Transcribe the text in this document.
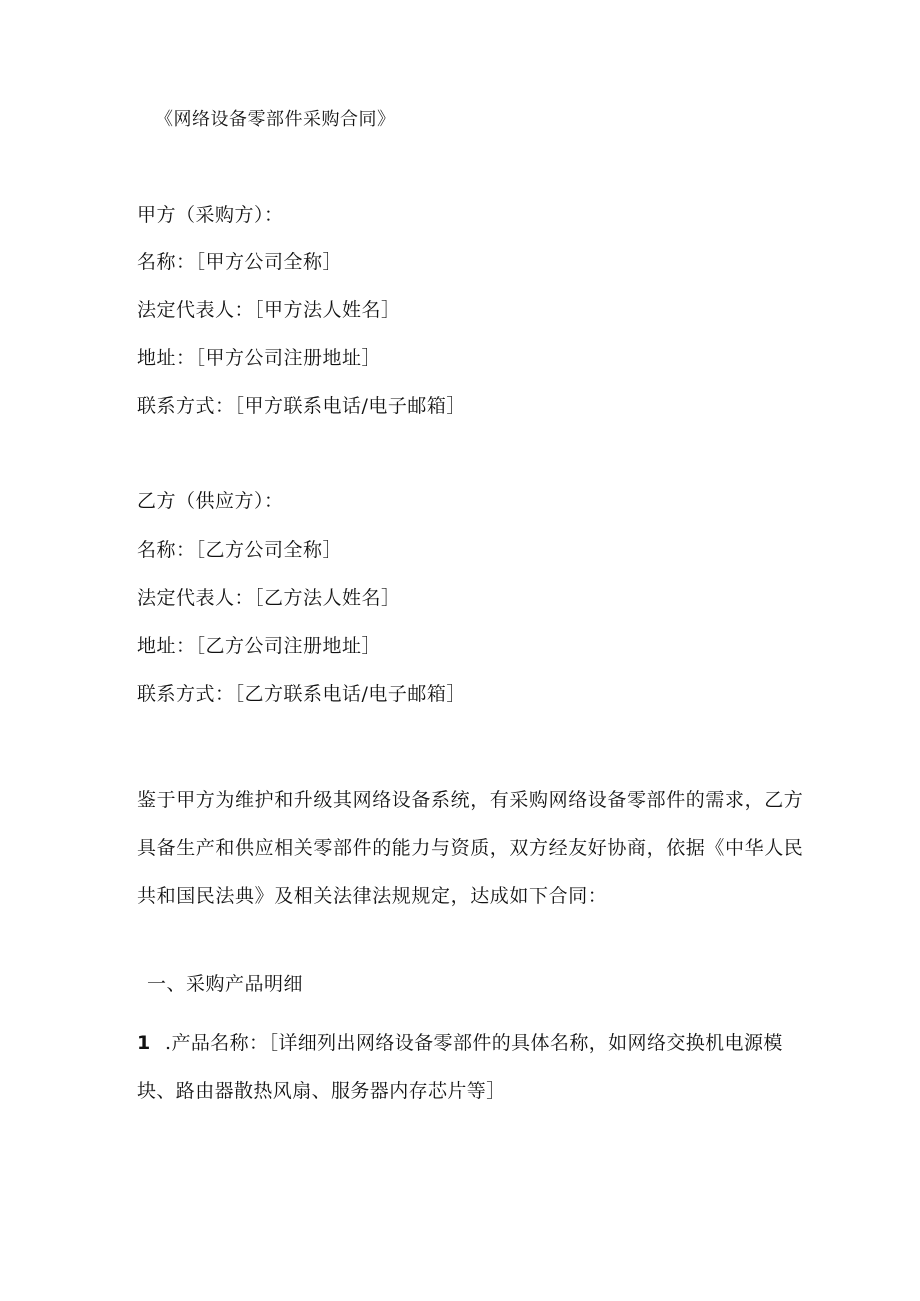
《网络设备零部件采购合同》
甲方（采购方）：
名称：［甲方公司全称］
法定代表人：［甲方法人姓名］
地址：［甲方公司注册地址］
联系方式：［甲方联系电话/电子邮箱］
乙方（供应方）：
名称：［乙方公司全称］
法定代表人：［乙方法人姓名］
地址：［乙方公司注册地址］
联系方式：［乙方联系电话/电子邮箱］
鉴于甲方为维护和升级其网络设备系统，有采购网络设备零部件的需求，乙方
具备生产和供应相关零部件的能力与资质，双方经友好协商，依据《中华人民
共和国民法典》及相关法律法规规定，达成如下合同：
一、采购产品明细
1 .产品名称：［详细列出网络设备零部件的具体名称，如网络交换机电源模
块、路由器散热风扇、服务器内存芯片等］
